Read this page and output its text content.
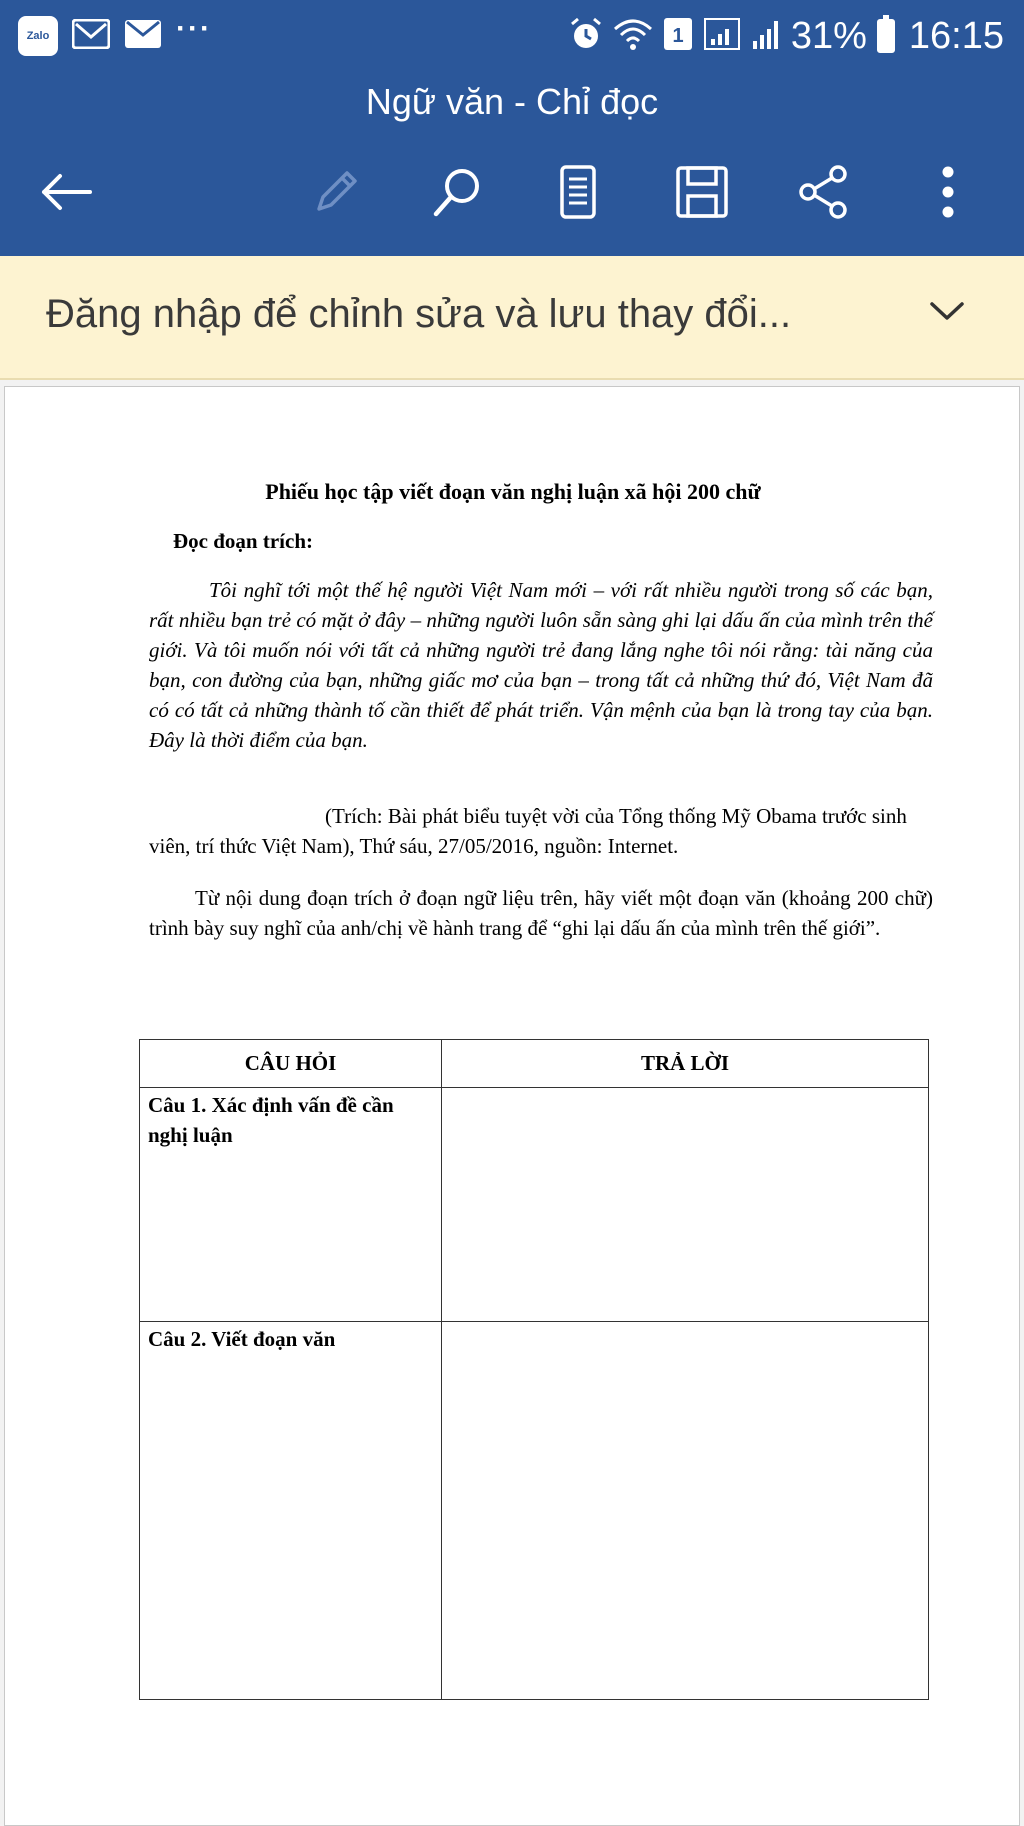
Zalo	···	1	31% 16:15
Ngữ văn - Chỉ đọc
Đăng nhập để chỉnh sửa và lưu thay đổi...
Phiếu học tập viết đoạn văn nghị luận xã hội 200 chữ
Đọc đoạn trích:

Tôi nghĩ tới một thế hệ người Việt Nam mới – với rất nhiều người trong số các bạn, rất nhiều bạn trẻ có mặt ở đây – những người luôn sẵn sàng ghi lại dấu ấn của mình trên thế giới. Và tôi muốn nói với tất cả những người trẻ đang lắng nghe tôi nói rằng: tài năng của bạn, con đường của bạn, những giấc mơ của bạn – trong tất cả những thứ đó, Việt Nam đã có có tất cả những thành tố cần thiết để phát triển. Vận mệnh của bạn là trong tay của bạn. Đây là thời điểm của bạn.

(Trích: Bài phát biểu tuyệt vời của Tổng thống Mỹ Obama trước sinh viên, trí thức Việt Nam), Thứ sáu, 27/05/2016, nguồn: Internet.

Từ nội dung đoạn trích ở đoạn ngữ liệu trên, hãy viết một đoạn văn (khoảng 200 chữ) trình bày suy nghĩ của anh/chị về hành trang để “ghi lại dấu ấn của mình trên thế giới”.

CÂU HỎI	TRẢ LỜI

Câu 1. Xác định vấn đề cần nghị luận	

Câu 2. Viết đoạn văn	
